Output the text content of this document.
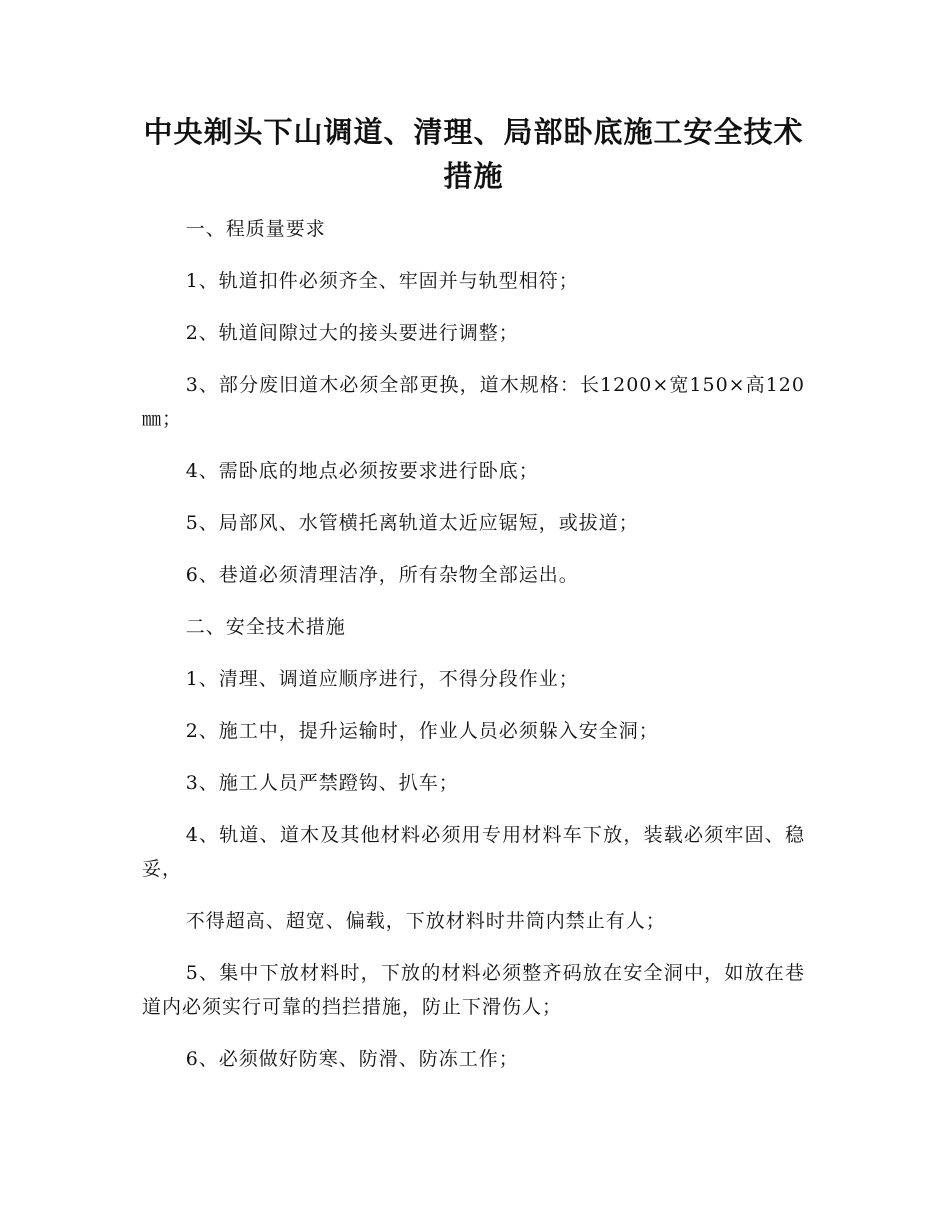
中央剃头下山调道、清理、局部卧底施工安全技术措施

一、程质量要求

1、轨道扣件必须齐全、牢固并与轨型相符；

2、轨道间隙过大的接头要进行调整；

3、部分废旧道木必须全部更换，道木规格：长1200×宽150×高120㎜；

4、需卧底的地点必须按要求进行卧底；

5、局部风、水管横托离轨道太近应锯短，或拔道；

6、巷道必须清理洁净，所有杂物全部运出。

二、安全技术措施

1、清理、调道应顺序进行，不得分段作业；

2、施工中，提升运输时，作业人员必须躲入安全洞；

3、施工人员严禁蹬钩、扒车；

4、轨道、道木及其他材料必须用专用材料车下放，装载必须牢固、稳妥，

不得超高、超宽、偏载，下放材料时井筒内禁止有人；

5、集中下放材料时，下放的材料必须整齐码放在安全洞中，如放在巷道内必须实行可靠的挡拦措施，防止下滑伤人；

6、必须做好防寒、防滑、防冻工作；
